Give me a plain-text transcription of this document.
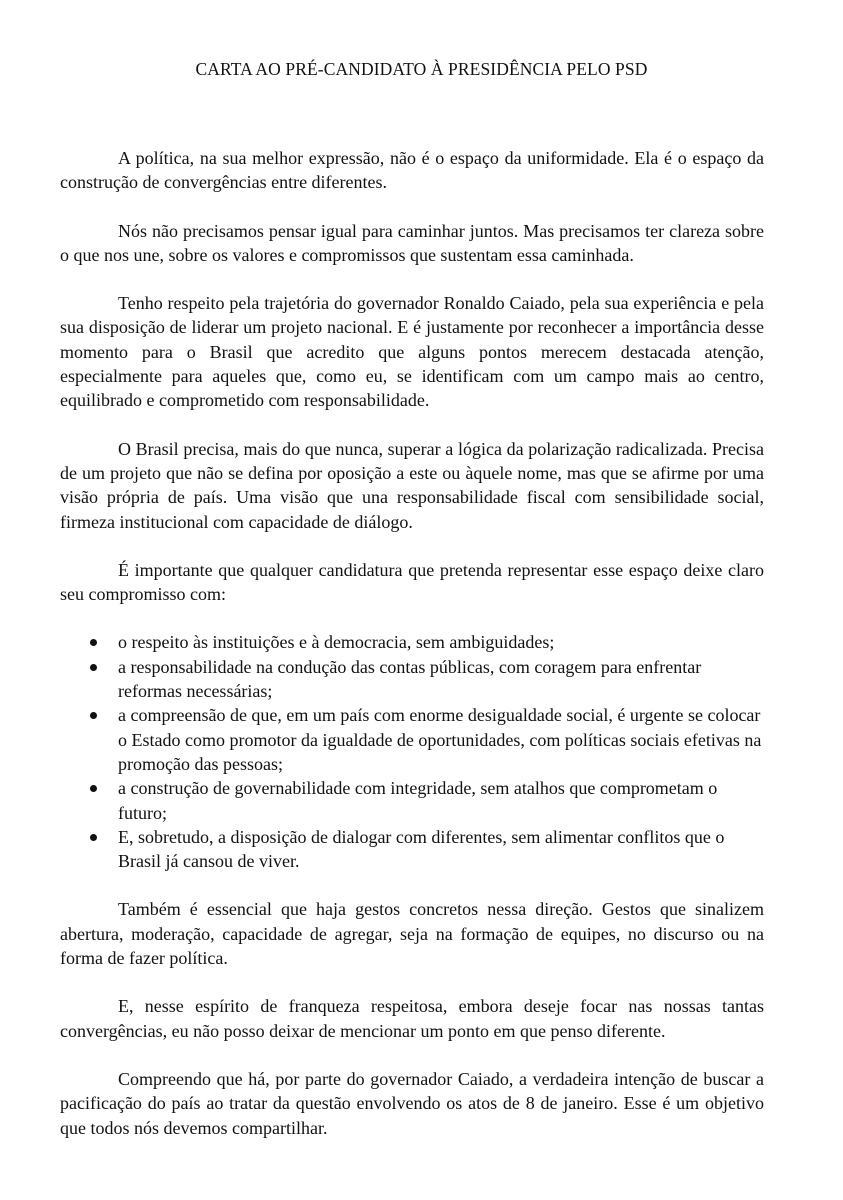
CARTA AO PRÉ-CANDIDATO À PRESIDÊNCIA PELO PSD

A política, na sua melhor expressão, não é o espaço da uniformidade. Ela é o espaço da construção de convergências entre diferentes.

Nós não precisamos pensar igual para caminhar juntos. Mas precisamos ter clareza sobre o que nos une, sobre os valores e compromissos que sustentam essa caminhada.

Tenho respeito pela trajetória do governador Ronaldo Caiado, pela sua experiência e pela sua disposição de liderar um projeto nacional. E é justamente por reconhecer a importância desse momento para o Brasil que acredito que alguns pontos merecem destacada atenção, especialmente para aqueles que, como eu, se identificam com um campo mais ao centro, equilibrado e comprometido com responsabilidade.

O Brasil precisa, mais do que nunca, superar a lógica da polarização radicalizada. Precisa de um projeto que não se defina por oposição a este ou àquele nome, mas que se afirme por uma visão própria de país. Uma visão que una responsabilidade fiscal com sensibilidade social, firmeza institucional com capacidade de diálogo.

É importante que qualquer candidatura que pretenda representar esse espaço deixe claro seu compromisso com:

o respeito às instituições e à democracia, sem ambiguidades;
a responsabilidade na condução das contas públicas, com coragem para enfrentar reformas necessárias;
a compreensão de que, em um país com enorme desigualdade social, é urgente se colocar o Estado como promotor da igualdade de oportunidades, com políticas sociais efetivas na promoção das pessoas;
a construção de governabilidade com integridade, sem atalhos que comprometam o futuro;
E, sobretudo, a disposição de dialogar com diferentes, sem alimentar conflitos que o Brasil já cansou de viver.

Também é essencial que haja gestos concretos nessa direção. Gestos que sinalizem abertura, moderação, capacidade de agregar, seja na formação de equipes, no discurso ou na forma de fazer política.

E, nesse espírito de franqueza respeitosa, embora deseje focar nas nossas tantas convergências, eu não posso deixar de mencionar um ponto em que penso diferente.

Compreendo que há, por parte do governador Caiado, a verdadeira intenção de buscar a pacificação do país ao tratar da questão envolvendo os atos de 8 de janeiro. Esse é um objetivo que todos nós devemos compartilhar.
